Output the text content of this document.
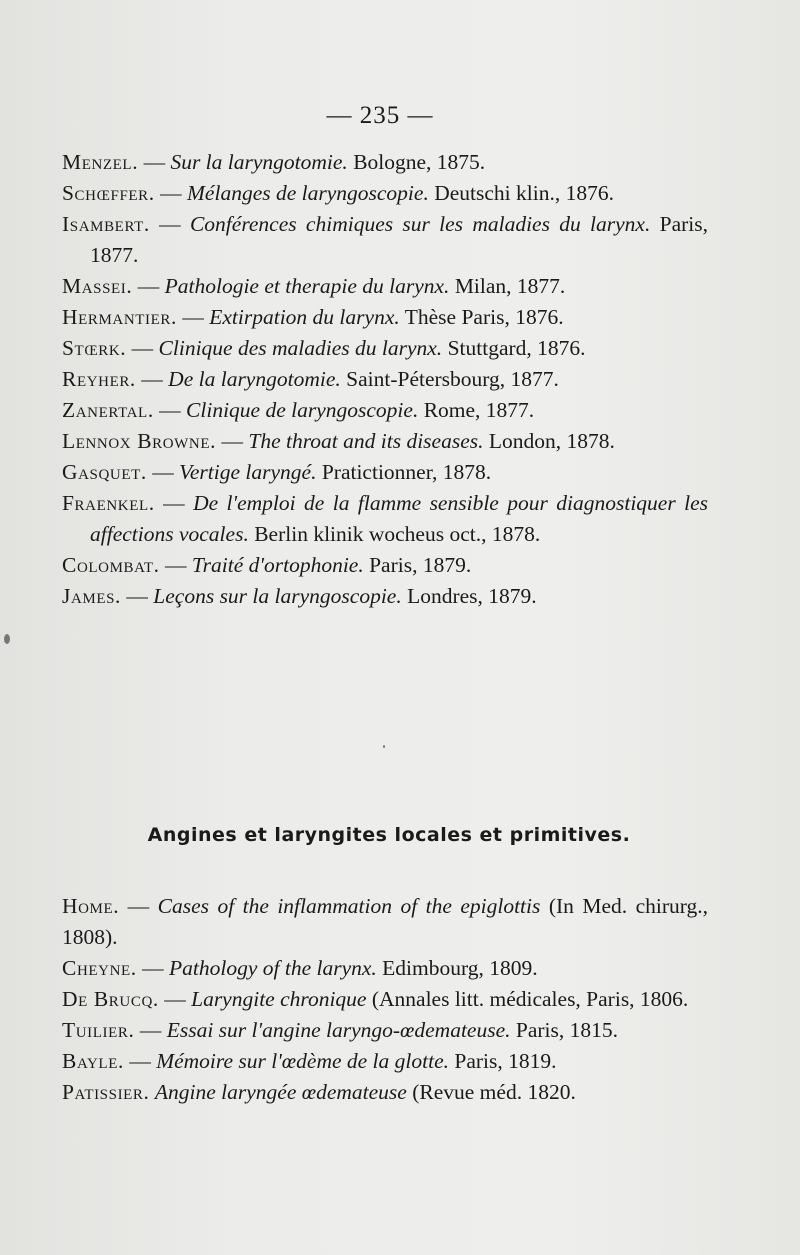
— 235 —

Menzel. — Sur la laryngotomie. Bologne, 1875.

Schœffer. — Mélanges de laryngoscopie. Deutschi klin., 1876.

Isambert. — Conférences chimiques sur les maladies du larynx. Paris, 1877.

Massei. — Pathologie et therapie du larynx. Milan, 1877.

Hermantier. — Extirpation du larynx. Thèse Paris, 1876.

Stœrk. — Clinique des maladies du larynx. Stuttgard, 1876.

Reyher. — De la laryngotomie. Saint-Pétersbourg, 1877.

Zanertal. — Clinique de laryngoscopie. Rome, 1877.

Lennox Browne. — The throat and its diseases. London, 1878.

Gasquet. — Vertige laryngé. Pratictionner, 1878.

Fraenkel. — De l'emploi de la flamme sensible pour diagnostiquer les affections vocales. Berlin klinik wocheus oct., 1878.

Colombat. — Traité d'ortophonie. Paris, 1879.

James. — Leçons sur la laryngoscopie. Londres, 1879.

Angines et laryngites locales et primitives.

Home. — Cases of the inflammation of the epiglottis (In Med. chirurg., 1808).

Cheyne. — Pathology of the larynx. Edimbourg, 1809.

De Brucq. — Laryngite chronique (Annales litt. médicales, Paris, 1806.

Tuilier. — Essai sur l'angine laryngo-œdemateuse. Paris, 1815.

Bayle. — Mémoire sur l'œdème de la glotte. Paris, 1819.

Patissier. Angine laryngée œdemateuse (Revue méd. 1820.
